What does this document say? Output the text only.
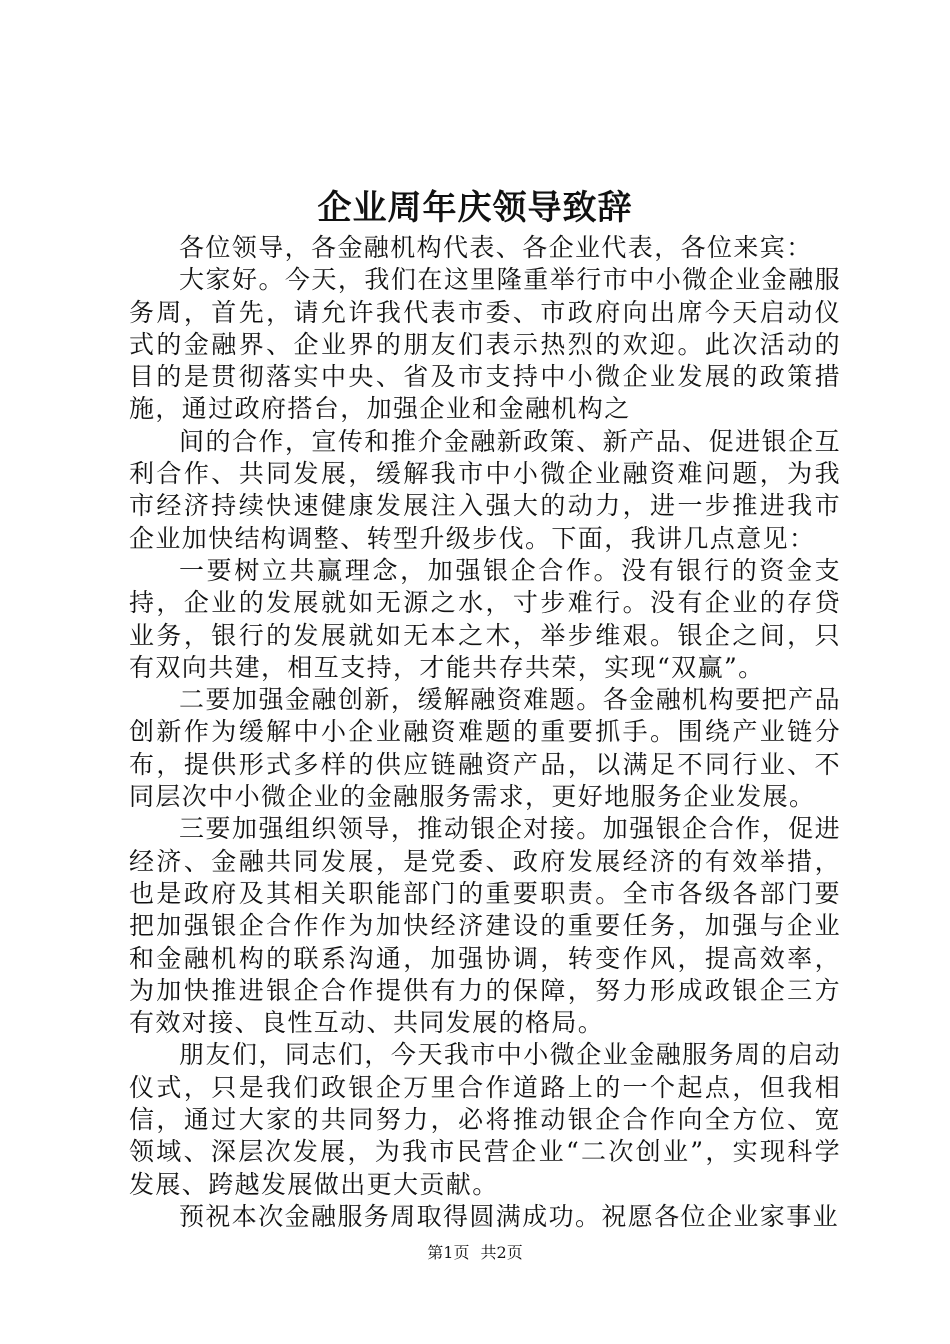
企业周年庆领导致辞

各位领导，各金融机构代表、各企业代表，各位来宾：

大家好。今天，我们在这里隆重举行市中小微企业金融服务周，首先，请允许我代表市委、市政府向出席今天启动仪式的金融界、企业界的朋友们表示热烈的欢迎。此次活动的目的是贯彻落实中央、省及市支持中小微企业发展的政策措施，通过政府搭台，加强企业和金融机构之

间的合作，宣传和推介金融新政策、新产品、促进银企互利合作、共同发展，缓解我市中小微企业融资难问题，为我市经济持续快速健康发展注入强大的动力，进一步推进我市企业加快结构调整、转型升级步伐。下面，我讲几点意见：

一要树立共赢理念，加强银企合作。没有银行的资金支持，企业的发展就如无源之水，寸步难行。没有企业的存贷业务，银行的发展就如无本之木，举步维艰。银企之间，只有双向共建，相互支持，才能共存共荣，实现“双赢”。

二要加强金融创新，缓解融资难题。各金融机构要把产品创新作为缓解中小企业融资难题的重要抓手。围绕产业链分布，提供形式多样的供应链融资产品，以满足不同行业、不同层次中小微企业的金融服务需求，更好地服务企业发展。

三要加强组织领导，推动银企对接。加强银企合作，促进经济、金融共同发展，是党委、政府发展经济的有效举措，也是政府及其相关职能部门的重要职责。全市各级各部门要把加强银企合作作为加快经济建设的重要任务，加强与企业和金融机构的联系沟通，加强协调，转变作风，提高效率，为加快推进银企合作提供有力的保障，努力形成政银企三方有效对接、良性互动、共同发展的格局。

朋友们，同志们，今天我市中小微企业金融服务周的启动仪式，只是我们政银企万里合作道路上的一个起点，但我相信，通过大家的共同努力，必将推动银企合作向全方位、宽领域、深层次发展，为我市民营企业“二次创业”，实现科学发展、跨越发展做出更大贡献。

预祝本次金融服务周取得圆满成功。祝愿各位企业家事业

第1页 共2页
